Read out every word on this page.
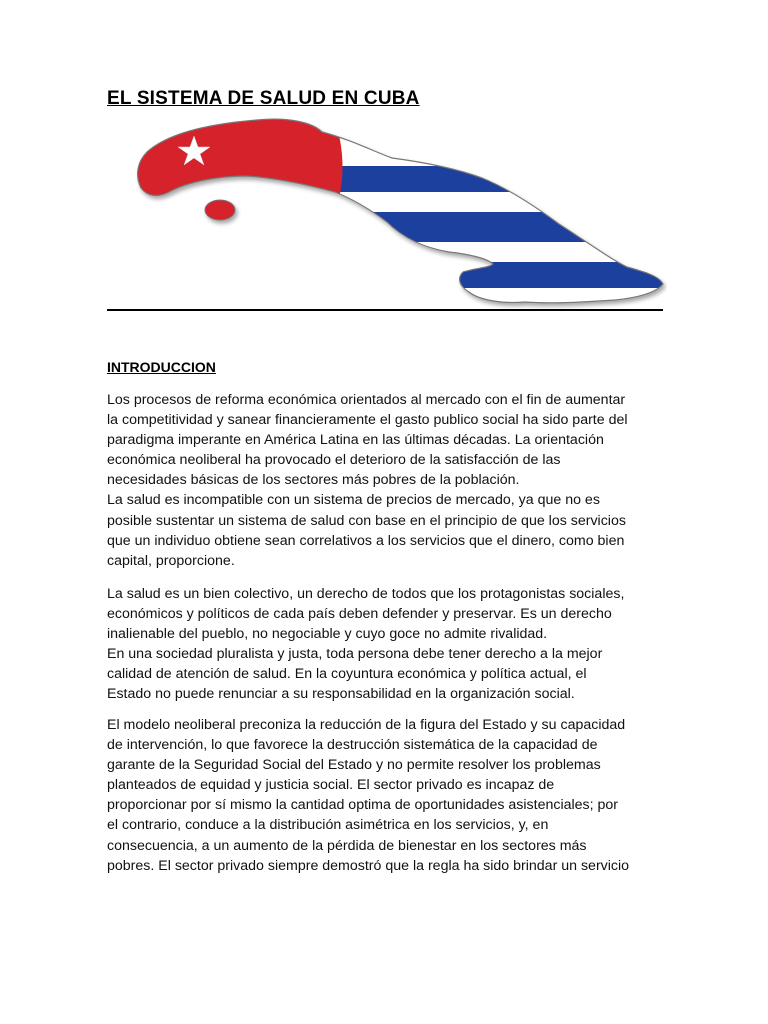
EL SISTEMA DE SALUD EN CUBA
INTRODUCCION
Los procesos de reforma económica orientados al mercado con el fin de aumentar
la competitividad y sanear financieramente el gasto publico social ha sido parte del
paradigma imperante en América Latina en las últimas décadas. La orientación
económica neoliberal ha provocado el deterioro de la satisfacción de las
necesidades básicas de los sectores más pobres de la población.
La salud es incompatible con un sistema de precios de mercado, ya que no es
posible sustentar un sistema de salud con base en el principio de que los servicios
que un individuo obtiene sean correlativos a los servicios que el dinero, como bien
capital, proporcione.
La salud es un bien colectivo, un derecho de todos que los protagonistas sociales,
económicos y políticos de cada país deben defender y preservar. Es un derecho
inalienable del pueblo, no negociable y cuyo goce no admite rivalidad.
En una sociedad pluralista y justa, toda persona debe tener derecho a la mejor
calidad de atención de salud. En la coyuntura económica y política actual, el
Estado no puede renunciar a su responsabilidad en la organización social.
El modelo neoliberal preconiza la reducción de la figura del Estado y su capacidad
de intervención, lo que favorece la destrucción sistemática de la capacidad de
garante de la Seguridad Social del Estado y no permite resolver los problemas
planteados de equidad y justicia social. El sector privado es incapaz de
proporcionar por sí mismo la cantidad optima de oportunidades asistenciales; por
el contrario, conduce a la distribución asimétrica en los servicios, y, en
consecuencia, a un aumento de la pérdida de bienestar en los sectores más
pobres. El sector privado siempre demostró que la regla ha sido brindar un servicio
